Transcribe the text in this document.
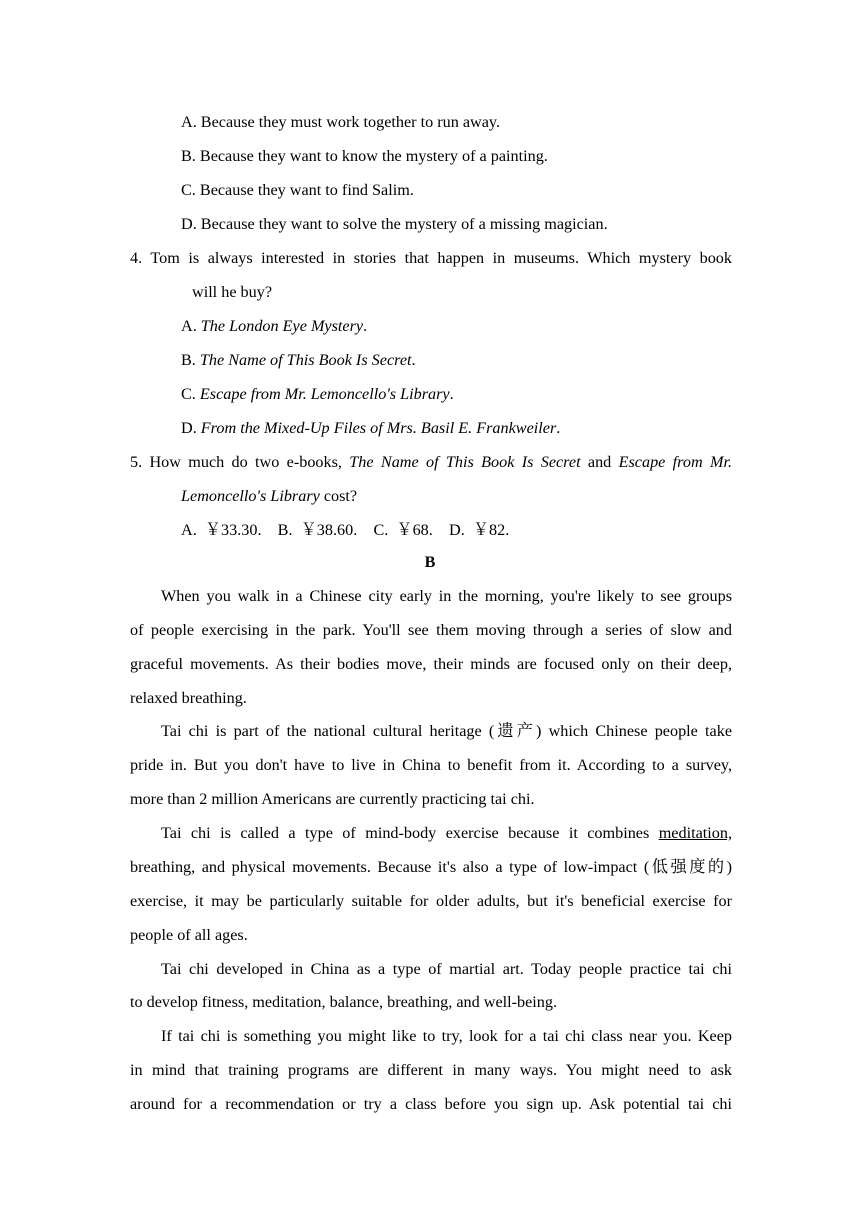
A. Because they must work together to run away.
B. Because they want to know the mystery of a painting.
C. Because they want to find Salim.
D. Because they want to solve the mystery of a missing magician.
4. Tom is always interested in stories that happen in museums. Which mystery book
will he buy?
A. The London Eye Mystery.
B. The Name of This Book Is Secret.
C. Escape from Mr. Lemoncello's Library.
D. From the Mixed-Up Files of Mrs. Basil E. Frankweiler.
5. How much do two e-books, The Name of This Book Is Secret and Escape from Mr.
Lemoncello's Library cost?
A.  ￥33.30.    B.  ￥38.60.    C.  ￥68.    D.  ￥82.
B
When you walk in a Chinese city early in the morning, you're likely to see groups
of people exercising in the park. You'll see them moving through a series of slow and
graceful movements. As their bodies move, their minds are focused only on their deep,
relaxed breathing.
Tai chi is part of the national cultural heritage (遗产) which Chinese people take
pride in. But you don't have to live in China to benefit from it. According to a survey,
more than 2 million Americans are currently practicing tai chi.
Tai chi is called a type of mind-body exercise because it combines meditation,
breathing, and physical movements. Because it's also a type of low-impact (低强度的)
exercise, it may be particularly suitable for older adults, but it's beneficial exercise for
people of all ages.
Tai chi developed in China as a type of martial art. Today people practice tai chi
to develop fitness, meditation, balance, breathing, and well-being.
If tai chi is something you might like to try, look for a tai chi class near you. Keep
in mind that training programs are different in many ways. You might need to ask
around for a recommendation or try a class before you sign up. Ask potential tai chi
